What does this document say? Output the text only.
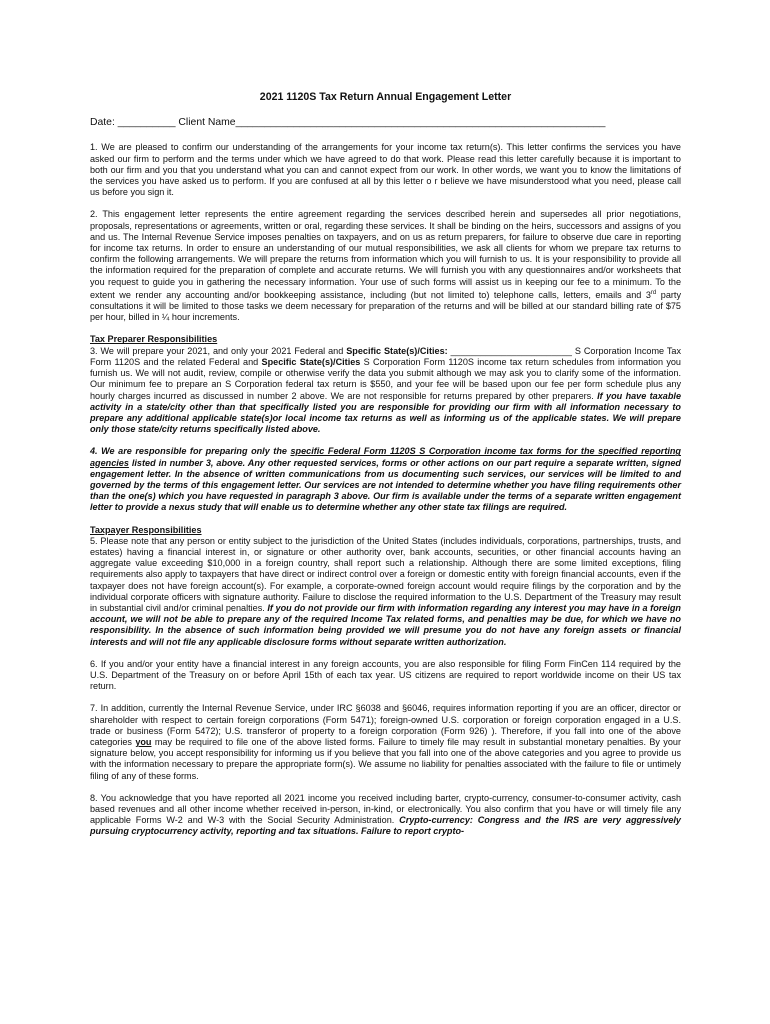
2021 1120S Tax Return Annual Engagement Letter
Date: __________ Client Name________________________________________________________________

1. We are pleased to confirm our understanding of the arrangements for your income tax return(s). This letter confirms the services you have asked our firm to perform and the terms under which we have agreed to do that work. Please read this letter carefully because it is important to both our firm and you that you understand what you can and cannot expect from our work. In other words, we want you to know the limitations of the services you have asked us to perform. If you are confused at all by this letter o r believe we have misunderstood what you need, please call us before you sign it.

2. This engagement letter represents the entire agreement regarding the services described herein and supersedes all prior negotiations, proposals, representations or agreements, written or oral, regarding these services. It shall be binding on the heirs, successors and assigns of you and us. The Internal Revenue Service imposes penalties on taxpayers, and on us as return preparers, for failure to observe due care in reporting for income tax returns. In order to ensure an understanding of our mutual responsibilities, we ask all clients for whom we prepare tax returns to confirm the following arrangements. We will prepare the returns from information which you will furnish to us. It is your responsibility to provide all the information required for the preparation of complete and accurate returns. We will furnish you with any questionnaires and/or worksheets that you request to guide you in gathering the necessary information. Your use of such forms will assist us in keeping our fee to a minimum. To the extent we render any accounting and/or bookkeeping assistance, including (but not limited to) telephone calls, letters, emails and 3rd party consultations it will be limited to those tasks we deem necessary for preparation of the returns and will be billed at our standard billing rate of $75 per hour, billed in ¼ hour increments.

Tax Preparer Responsibilities
3. We will prepare your 2021, and only your 2021 Federal and Specific State(s)/Cities: ________________________ S Corporation Income Tax Form 1120S and the related Federal and Specific State(s)/Cities S Corporation Form 1120S income tax return schedules from information you furnish us. We will not audit, review, compile or otherwise verify the data you submit although we may ask you to clarify some of the information. Our minimum fee to prepare an S Corporation federal tax return is $550, and your fee will be based upon our fee per form schedule plus any hourly charges incurred as discussed in number 2 above. We are not responsible for returns prepared by other preparers. If you have taxable activity in a state/city other than that specifically listed you are responsible for providing our firm with all information necessary to prepare any additional applicable state(s)or local income tax returns as well as informing us of the applicable states. We will prepare only those state/city returns specifically listed above.

4. We are responsible for preparing only the specific Federal Form 1120S S Corporation income tax forms for the specified reporting agencies listed in number 3, above. Any other requested services, forms or other actions on our part require a separate written, signed engagement letter. In the absence of written communications from us documenting such services, our services will be limited to and governed by the terms of this engagement letter. Our services are not intended to determine whether you have filing requirements other than the one(s) which you have requested in paragraph 3 above. Our firm is available under the terms of a separate written engagement letter to provide a nexus study that will enable us to determine whether any other state tax filings are required.

Taxpayer Responsibilities
5. Please note that any person or entity subject to the jurisdiction of the United States (includes individuals, corporations, partnerships, trusts, and estates) having a financial interest in, or signature or other authority over, bank accounts, securities, or other financial accounts having an aggregate value exceeding $10,000 in a foreign country, shall report such a relationship. Although there are some limited exceptions, filing requirements also apply to taxpayers that have direct or indirect control over a foreign or domestic entity with foreign financial accounts, even if the taxpayer does not have foreign account(s). For example, a corporate-owned foreign account would require filings by the corporation and by the individual corporate officers with signature authority. Failure to disclose the required information to the U.S. Department of the Treasury may result in substantial civil and/or criminal penalties. If you do not provide our firm with information regarding any interest you may have in a foreign account, we will not be able to prepare any of the required Income Tax related forms, and penalties may be due, for which we have no responsibility. In the absence of such information being provided we will presume you do not have any foreign assets or financial interests and will not file any applicable disclosure forms without separate written authorization.

6. If you and/or your entity have a financial interest in any foreign accounts, you are also responsible for filing Form FinCen 114 required by the U.S. Department of the Treasury on or before April 15th of each tax year. US citizens are required to report worldwide income on their US tax return.

7. In addition, currently the Internal Revenue Service, under IRC §6038 and §6046, requires information reporting if you are an officer, director or shareholder with respect to certain foreign corporations (Form 5471); foreign-owned U.S. corporation or foreign corporation engaged in a U.S. trade or business (Form 5472); U.S. transferor of property to a foreign corporation (Form 926) ). Therefore, if you fall into one of the above categories you may be required to file one of the above listed forms. Failure to timely file may result in substantial monetary penalties. By your signature below, you accept responsibility for informing us if you believe that you fall into one of the above categories and you agree to provide us with the information necessary to prepare the appropriate form(s). We assume no liability for penalties associated with the failure to file or untimely filing of any of these forms.

8. You acknowledge that you have reported all 2021 income you received including barter, crypto-currency, consumer-to-consumer activity, cash based revenues and all other income whether received in-person, in-kind, or electronically. You also confirm that you have or will timely file any applicable Forms W-2 and W-3 with the Social Security Administration. Crypto-currency: Congress and the IRS are very aggressively pursuing cryptocurrency activity, reporting and tax situations. Failure to report crypto-
